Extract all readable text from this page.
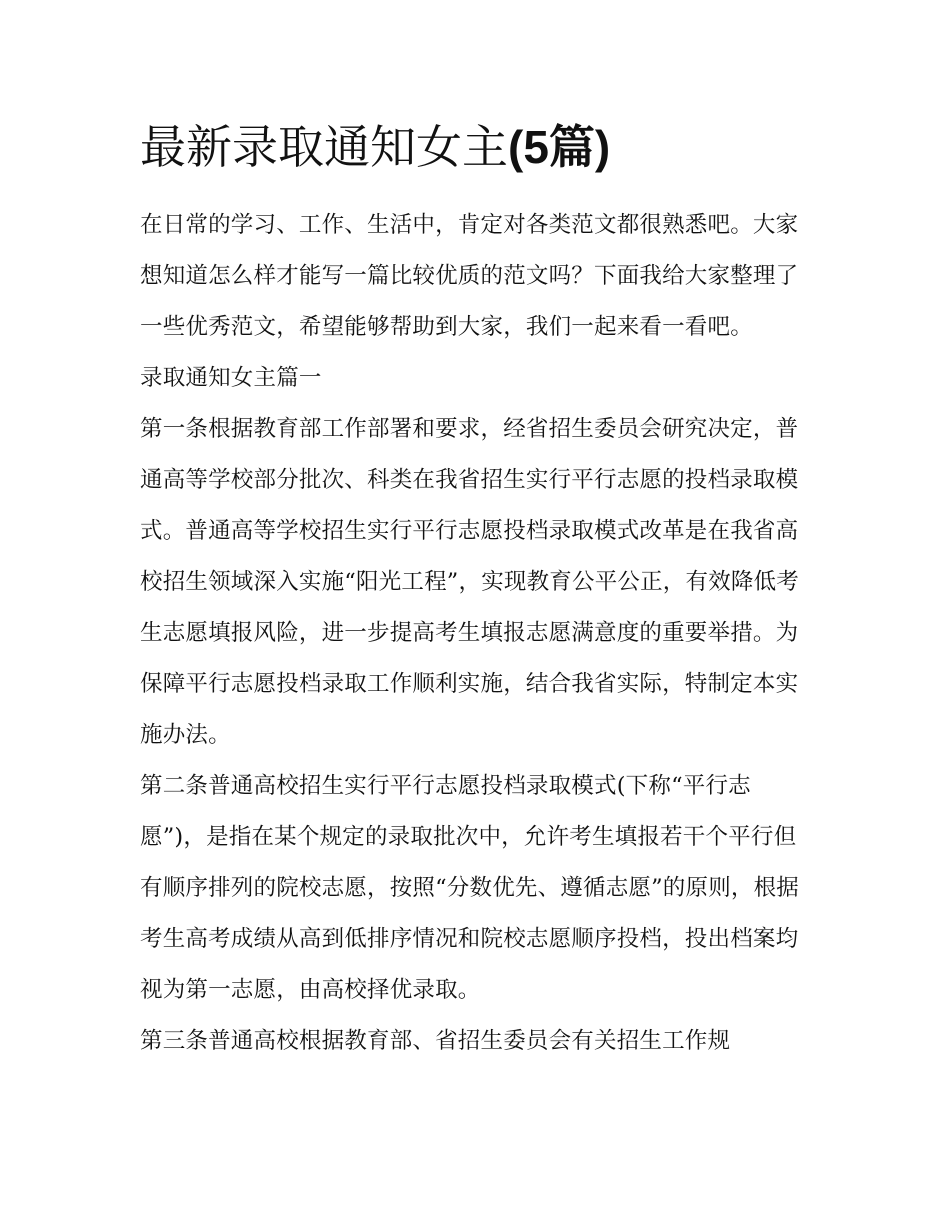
最新录取通知女主(5篇)

在日常的学习、工作、生活中，肯定对各类范文都很熟悉吧。大家想知道怎么样才能写一篇比较优质的范文吗？下面我给大家整理了一些优秀范文，希望能够帮助到大家，我们一起来看一看吧。

录取通知女主篇一

第一条根据教育部工作部署和要求，经省招生委员会研究决定，普通高等学校部分批次、科类在我省招生实行平行志愿的投档录取模式。普通高等学校招生实行平行志愿投档录取模式改革是在我省高校招生领域深入实施“阳光工程”，实现教育公平公正，有效降低考生志愿填报风险，进一步提高考生填报志愿满意度的重要举措。为保障平行志愿投档录取工作顺利实施，结合我省实际，特制定本实施办法。

第二条普通高校招生实行平行志愿投档录取模式(下称“平行志愿”)，是指在某个规定的录取批次中，允许考生填报若干个平行但有顺序排列的院校志愿，按照“分数优先、遵循志愿”的原则，根据考生高考成绩从高到低排序情况和院校志愿顺序投档，投出档案均视为第一志愿，由高校择优录取。

第三条普通高校根据教育部、省招生委员会有关招生工作规
